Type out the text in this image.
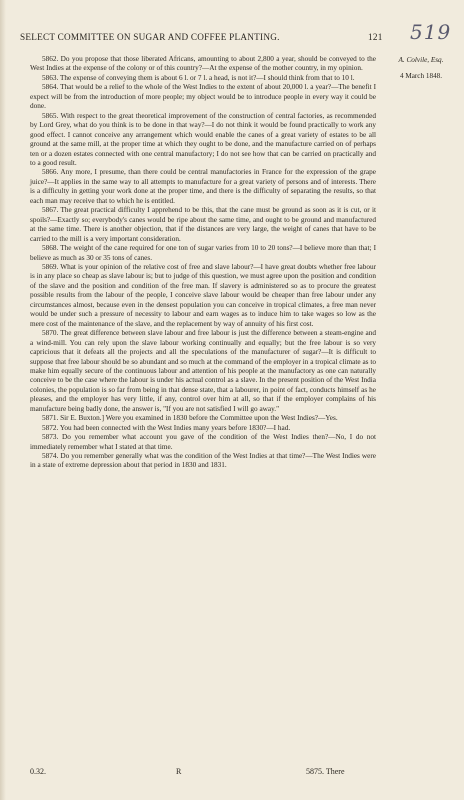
SELECT COMMITTEE ON SUGAR AND COFFEE PLANTING.	121 519
A. Colvile, Esq.
4 March 1848.

5862. Do you propose that those liberated Africans, amounting to about 2,800 a year, should be conveyed to the West Indies at the expense of the colony or of this country?—At the expense of the mother country, in my opinion.

5863. The expense of conveying them is about 6 l. or 7 l. a head, is not it?—I should think from that to 10 l.

5864. That would be a relief to the whole of the West Indies to the extent of about 20,000 l. a year?—The benefit I expect will be from the introduction of more people; my object would be to introduce people in every way it could be done.

5865. With respect to the great theoretical improvement of the construction of central factories, as recommended by Lord Grey, what do you think is to be done in that way?—I do not think it would be found practically to work any good effect. I cannot conceive any arrangement which would enable the canes of a great variety of estates to be all ground at the same mill, at the proper time at which they ought to be done, and the manufacture carried on of perhaps ten or a dozen estates connected with one central manufactory; I do not see how that can be carried on practically and to a good result.

5866. Any more, I presume, than there could be central manufactories in France for the expression of the grape juice?—It applies in the same way to all attempts to manufacture for a great variety of persons and of interests. There is a difficulty in getting your work done at the proper time, and there is the difficulty of separating the results, so that each man may receive that to which he is entitled.

5867. The great practical difficulty I apprehend to be this, that the cane must be ground as soon as it is cut, or it spoils?—Exactly so; everybody's canes would be ripe about the same time, and ought to be ground and manufactured at the same time. There is another objection, that if the distances are very large, the weight of canes that have to be carried to the mill is a very important consideration.

5868. The weight of the cane required for one ton of sugar varies from 10 to 20 tons?—I believe more than that; I believe as much as 30 or 35 tons of canes.

5869. What is your opinion of the relative cost of free and slave labour?—I have great doubts whether free labour is in any place so cheap as slave labour is; but to judge of this question, we must agree upon the position and condition of the slave and the position and condition of the free man. If slavery is administered so as to procure the greatest possible results from the labour of the people, I conceive slave labour would be cheaper than free labour under any circumstances almost, because even in the densest population you can conceive in tropical climates, a free man never would be under such a pressure of necessity to labour and earn wages as to induce him to take wages so low as the mere cost of the maintenance of the slave, and the replacement by way of annuity of his first cost.

5870. The great difference between slave labour and free labour is just the difference between a steam-engine and a wind-mill. You can rely upon the slave labour working continually and equally; but the free labour is so very capricious that it defeats all the projects and all the speculations of the manufacturer of sugar?—It is difficult to suppose that free labour should be so abundant and so much at the command of the employer in a tropical climate as to make him equally secure of the continuous labour and attention of his people at the manufactory as one can naturally conceive to be the case where the labour is under his actual control as a slave. In the present position of the West India colonies, the population is so far from being in that dense state, that a labourer, in point of fact, conducts himself as he pleases, and the employer has very little, if any, control over him at all, so that if the employer complains of his manufacture being badly done, the answer is, "If you are not satisfied I will go away."

5871. Sir E. Buxton.] Were you examined in 1830 before the Committee upon the West Indies?—Yes.

5872. You had been connected with the West Indies many years before 1830?—I had.

5873. Do you remember what account you gave of the condition of the West Indies then?—No, I do not immediately remember what I stated at that time.

5874. Do you remember generally what was the condition of the West Indies at that time?—The West Indies were in a state of extreme depression about that period in 1830 and 1831.

0.32.	R	5875. There
